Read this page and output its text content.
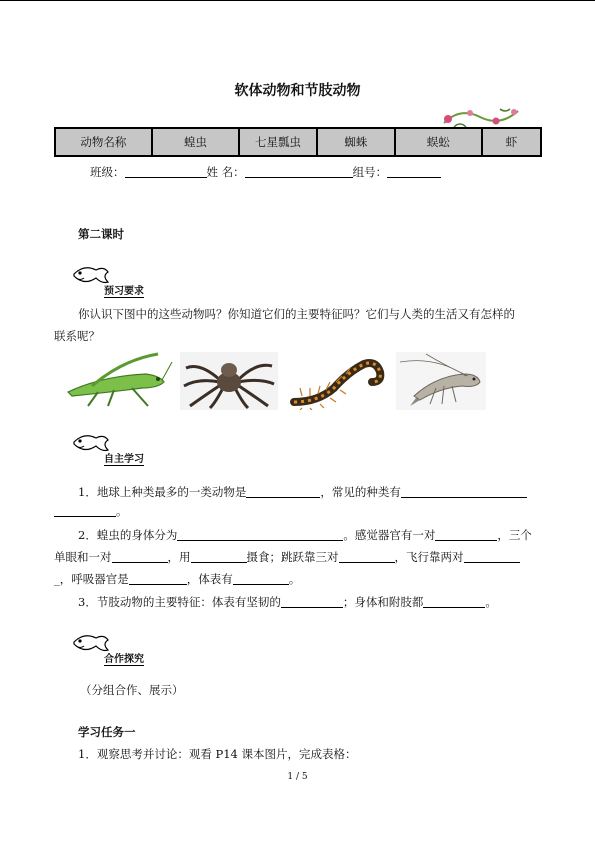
软体动物和节肢动物
动物名称	蝗虫	七星瓢虫	蜘蛛	蜈蚣	虾
班级：	姓 名：	组号：
第二课时
预习要求
你认识下图中的这些动物吗？你知道它们的主要特征吗？它们与人类的生活又有怎样的
联系呢？
自主学习
1．地球上种类最多的一类动物是	，常见的种类有
。
2．蝗虫的身体分为	。感觉器官有一对	，三个
单眼和一对	，用	摄食；跳跃靠三对	，飞行靠两对
_，呼吸器官是	，体表有	。
3．节肢动物的主要特征：体表有坚韧的	；身体和附肢都	。
合作探究
（分组合作、展示）
学习任务一
1．观察思考并讨论：观看 P14 课本图片，完成表格：
1 / 5
